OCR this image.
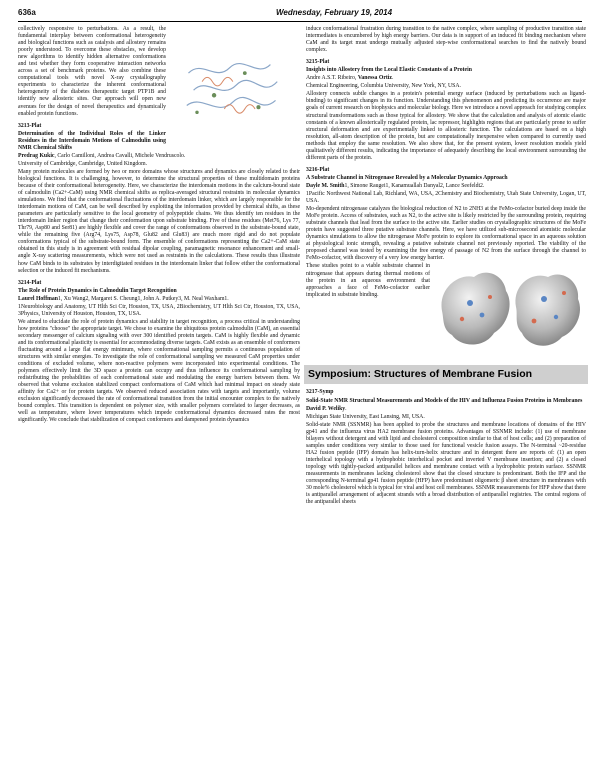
636a	Wednesday, February 19, 2014

collectively responsive to perturbations. As a result, the fundamental interplay between conformational heterogeneity and biological functions such as catalysis and allostery remains poorly understood. To overcome these obstacles, we develop new algorithms to identify hidden alternative conformations and test whether they form cooperative interaction networks across a set of benchmark proteins. We also combine these computational tools with novel X-ray crystallography experiments to characterize the inherent conformational heterogeneity of the diabetes therapeutic target PTP1B and identify new allosteric sites. Our approach will open new avenues for the design of novel therapeutics and dynamically enabled protein functions.

3213-Plat

Determination of the Individual Roles of the Linker Residues in the Interdomain Motions of Calmodulin using NMR Chemical Shifts

Predrag Kukic, Carlo Camilloni, Andrea Cavalli, Michele Vendruscolo.

University of Cambridge, Cambridge, United Kingdom.

Many protein molecules are formed by two or more domains whose structures and dynamics are closely related to their biological functions. It is challenging, however, to determine the structural properties of these multidomain proteins because of their conformational heterogeneity. Here, we characterize the interdomain motions in the calcium-bound state of calmodulin (Ca2+-CaM) using NMR chemical shifts as replica-averaged structural restraints in molecular dynamics simulations. We find that the conformational fluctuations of the interdomain linker, which are largely responsible for the interdomain motions of CaM, can be well described by exploiting the information provided by chemical shifts, as these parameters are particularly sensitive to the local geometry of polypeptide chains. We thus identify ten residues in the interdomain linker region that change their conformation upon substrate binding. Five of these residues (Met76, Lys 77, Thr79, Asp80 and Ser81) are highly flexible and cover the range of conformations observed in the substrate-bound state, while the remaining five (Arg74, Lys75, Asp78, Glu82 and Glu83) are much more rigid and do not populate conformations typical of the substrate-bound form. The ensemble of conformations representing the Ca2+-CaM state obtained in this study is in agreement with residual dipolar coupling, paramagnetic resonance enhancement and small-angle X-ray scattering measurements, which were not used as restraints in the calculations. These results thus illustrate how CaM binds to its substrates by interdigitated residues in the interdomain linker that follow either the conformational selection or the induced fit mechanisms.

3214-Plat

The Role of Protein Dynamics in Calmodulin Target Recognition

Laurel Hoffman1, Xu Wang2, Margaret S. Cheung1, John A. Putkey3, M. Neal Waxham1.

1Neurobiology and Anatomy, UT Hlth Sci Ctr, Houston, TX, USA, 2Biochemistry, UT Hlth Sci Ctr, Houston, TX, USA, 3Physics, University of Houston, Houston, TX, USA.

We aimed to elucidate the role of protein dynamics and stability in target recognition, a process critical in understanding how proteins "choose" the appropriate target. We chose to examine the ubiquitous protein calmodulin (CaM), an essential secondary messenger of calcium signaling with over 300 identified protein targets. CaM is highly flexible and dynamic and its conformational plasticity is essential for accommodating diverse targets. CaM exists as an ensemble of conformers fluctuating around a large flat energy minimum, where conformational sampling permits a continuous population of structures with similar energies. To investigate the role of conformational sampling we measured CaM properties under conditions of excluded volume, where non-reactive polymers were incorporated into experimental conditions. The polymers effectively limit the 3D space a protein can occupy and thus influence its conformational sampling by redistributing the probabilities of each conformational state and modulating the energy barriers between them. We observed that volume exclusion stabilized compact conformations of CaM which had minimal impact on steady state affinity for Ca2+ or for protein targets. We observed reduced association rates with targets and importantly, volume exclusion significantly decreased the rate of conformational transition from the initial encounter complex to the natively bound complex. This transition is dependent on polymer size, with smaller polymers correlated to larger decreases, as well as temperature, where lower temperatures which impede conformational dynamics decreased rates the most significantly. We conclude that stabilization of compact conformers and dampened protein dynamics

induce conformational frustration during transition to the native complex, where sampling of productive transition state intermediates is encumbered by high energy barriers. Our data is in support of an induced fit binding mechanism where CaM and its target must undergo mutually adjusted step-wise conformational searches to find the natively bound complex.

3215-Plat

Insights into Allostery from the Local Elastic Constants of a Protein

Andre A.S.T. Ribeiro, Vanessa Ortiz.

Chemical Engineering, Columbia University, New York, NY, USA.

Allostery connects subtle changes in a protein's potential energy surface (induced by perturbations such as ligand-binding) to significant changes in its function. Understanding this phenomenon and predicting its occurrence are major goals of current research on biophysics and molecular biology. Here we introduce a novel approach for studying complex structural transformations such as those typical for allostery. We show that the calculation and analysis of atomic elastic constants of a known allosterically regulated protein, lac repressor, highlights regions that are particularly prone to suffer structural deformation and are experimentally linked to allosteric function. The calculations are based on a high resolution, all-atom description of the protein, but are computationally inexpensive when compared to currently used methods that employ the same resolution. We also show that, for the present system, lower resolution models yield qualitatively different results, indicating the importance of adequately describing the local environment surrounding the different parts of the protein.

3216-Plat

A Substrate Channel in Nitrogenase Revealed by a Molecular Dynamics Approach

Dayle M. Smith1, Simone Raugei1, Kanamuallah Danyal2, Lance Seefeldt2.

1Pacific Northwest National Lab, Richland, WA, USA, 2Chemistry and Biochemistry, Utah State University, Logan, UT, USA.

Mo-dependent nitrogenase catalyzes the biological reduction of N2 to 2NH3 at the FeMo-cofactor buried deep inside the MoFe protein. Access of substrates, such as N2, to the active site is likely restricted by the surrounding protein, requiring substrate channels that lead from the surface to the active site. Earlier studies on crystallographic structures of the MoFe protein have suggested three putative substrate channels. Here, we have utilized sub-microsecond atomistic molecular dynamics simulations to allow the nitrogenase MoFe protein to explore its conformational space in an aqueous solution at physiological ionic strength, revealing a putative substrate channel not previously reported. The viability of the proposed channel was tested by examining the free energy of passage of N2 from the surface through the channel to FeMo-cofactor, with discovery of a very low energy barrier.

These studies point to a viable substrate channel in nitrogenase that appears during thermal motions of the protein in an aqueous environment that approaches a face of FeMo-cofactor earlier implicated in substrate binding.

Symposium: Structures of Membrane Fusion

3217-Symp

Solid-State NMR Structural Measurements and Models of the HIV and Influenza Fusion Proteins in Membranes

David P. Weliky.

Michigan State University, East Lansing, MI, USA.

Solid-state NMR (SSNMR) has been applied to probe the structures and membrane locations of domains of the HIV gp41 and the influenza virus HA2 membrane fusion proteins. Advantages of SSNMR include: (1) use of membrane bilayers without detergent and with lipid and cholesterol composition similar to that of host cells; and (2) preparation of samples under conditions very similar to those used for functional vesicle fusion assays. The N-terminal ~20-residue HA2 fusion peptide (IFP) domain has helix-turn-helix structure and in detergent there are reports of: (1) an open interhelical topology with a hydrophobic interhelical pocket and inverted V membrane insertion; and (2) a closed topology with tightly-packed antiparallel helices and membrane contact with a hydrophobic protein surface. SSNMR measurements in membranes lacking cholesterol show that the closed structure is predominant. Both the IFP and the corresponding N-terminal gp41 fusion peptide (HFP) have predominant oligomeric β sheet structure in membranes with 30 mole% cholesterol which is typical for viral and host cell membranes. SSNMR measurements for HFP show that there is antiparallel arrangement of adjacent strands with a broad distribution of antiparallel registries. The central regions of the antiparallel sheets
